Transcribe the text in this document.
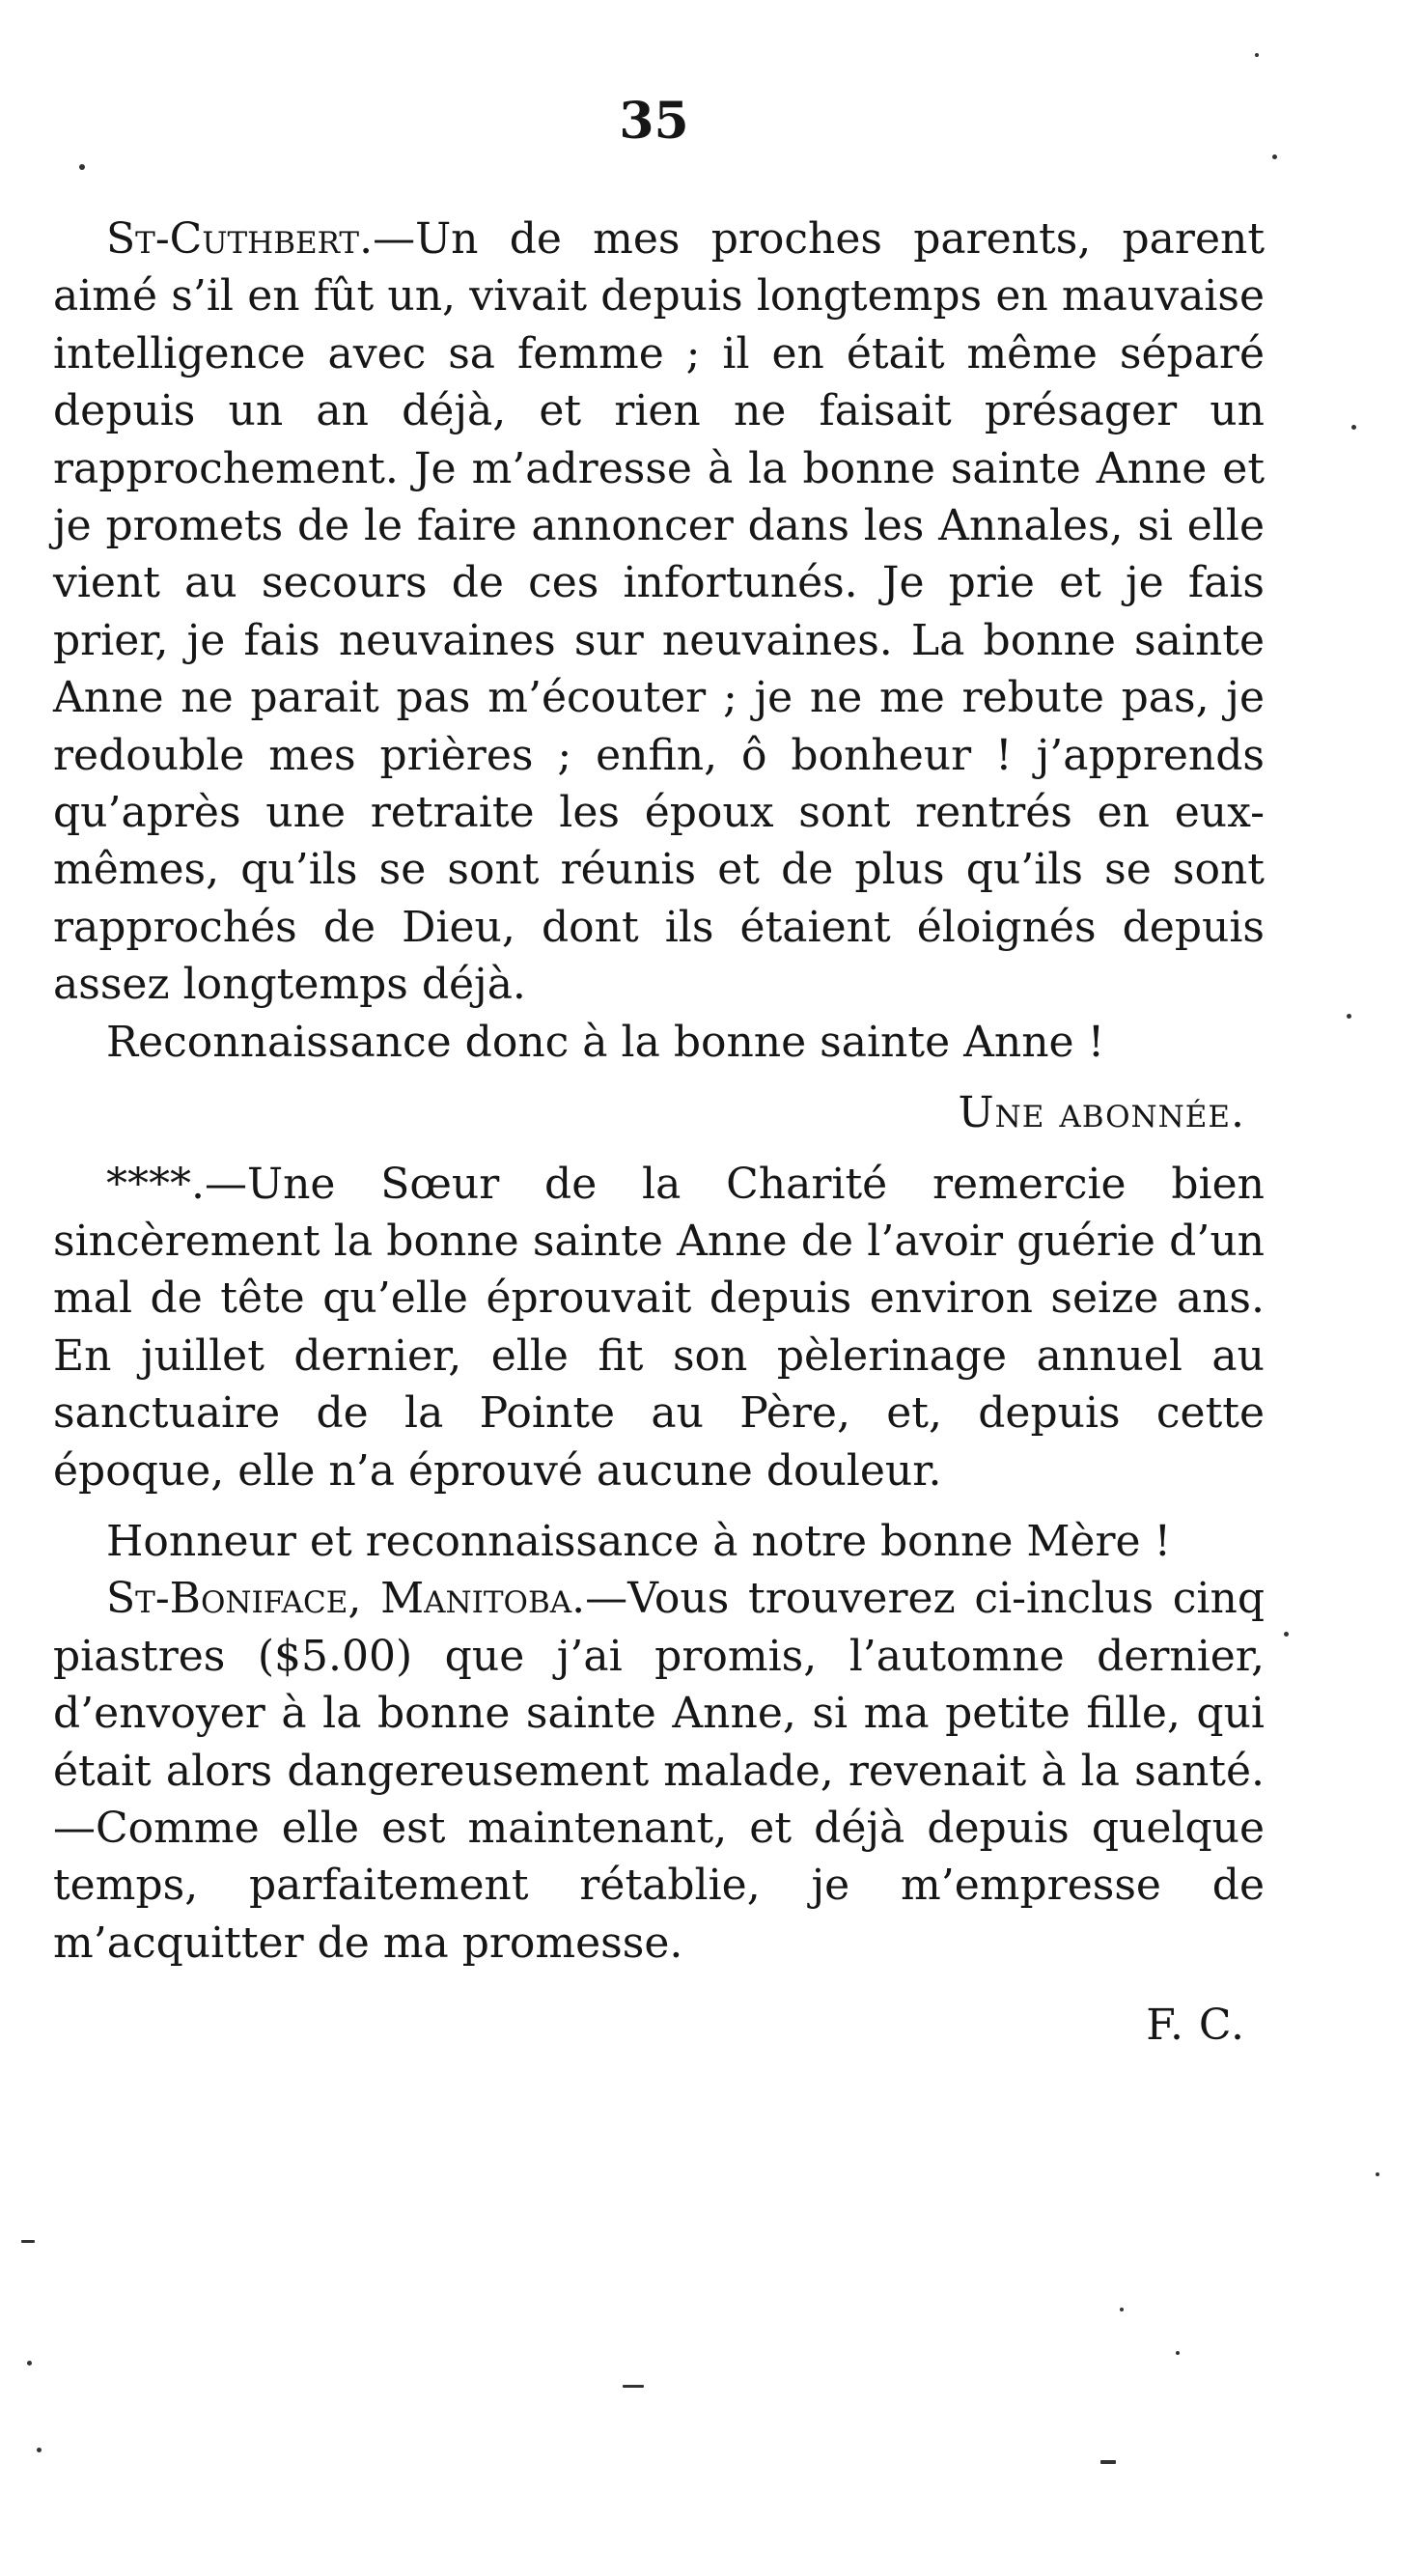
35
St-Cuthbert.—Un de mes proches parents, parent aimé s’il en fût un, vivait depuis longtemps en mauvaise intelligence avec sa femme ; il en était même séparé depuis un an déjà, et rien ne faisait présager un rapprochement. Je m’adresse à la bonne sainte Anne et je promets de le faire annoncer dans les Annales, si elle vient au secours de ces infortunés. Je prie et je fais prier, je fais neuvaines sur neuvaines. La bonne sainte Anne ne parait pas m’écouter ; je ne me rebute pas, je redouble mes prières ; enfin, ô bonheur ! j’apprends qu’après une retraite les époux sont rentrés en eux-mêmes, qu’ils se sont réunis et de plus qu’ils se sont rapprochés de Dieu, dont ils étaient éloignés depuis assez longtemps déjà.
Reconnaissance donc à la bonne sainte Anne !
Une abonnée.
****.—Une Sœur de la Charité remercie bien sincèrement la bonne sainte Anne de l’avoir guérie d’un mal de tête qu’elle éprouvait depuis environ seize ans. En juillet dernier, elle fit son pèlerinage annuel au sanctuaire de la Pointe au Père, et, depuis cette époque, elle n’a éprouvé aucune douleur.
Honneur et reconnaissance à notre bonne Mère !
St-Boniface, Manitoba.—Vous trouverez ci-inclus cinq piastres ($5.00) que j’ai promis, l’automne dernier, d’envoyer à la bonne sainte Anne, si ma petite fille, qui était alors dangereusement malade, revenait à la santé.—Comme elle est maintenant, et déjà depuis quelque temps, parfaitement rétablie, je m’empresse de m’acquitter de ma promesse.
F. C.
